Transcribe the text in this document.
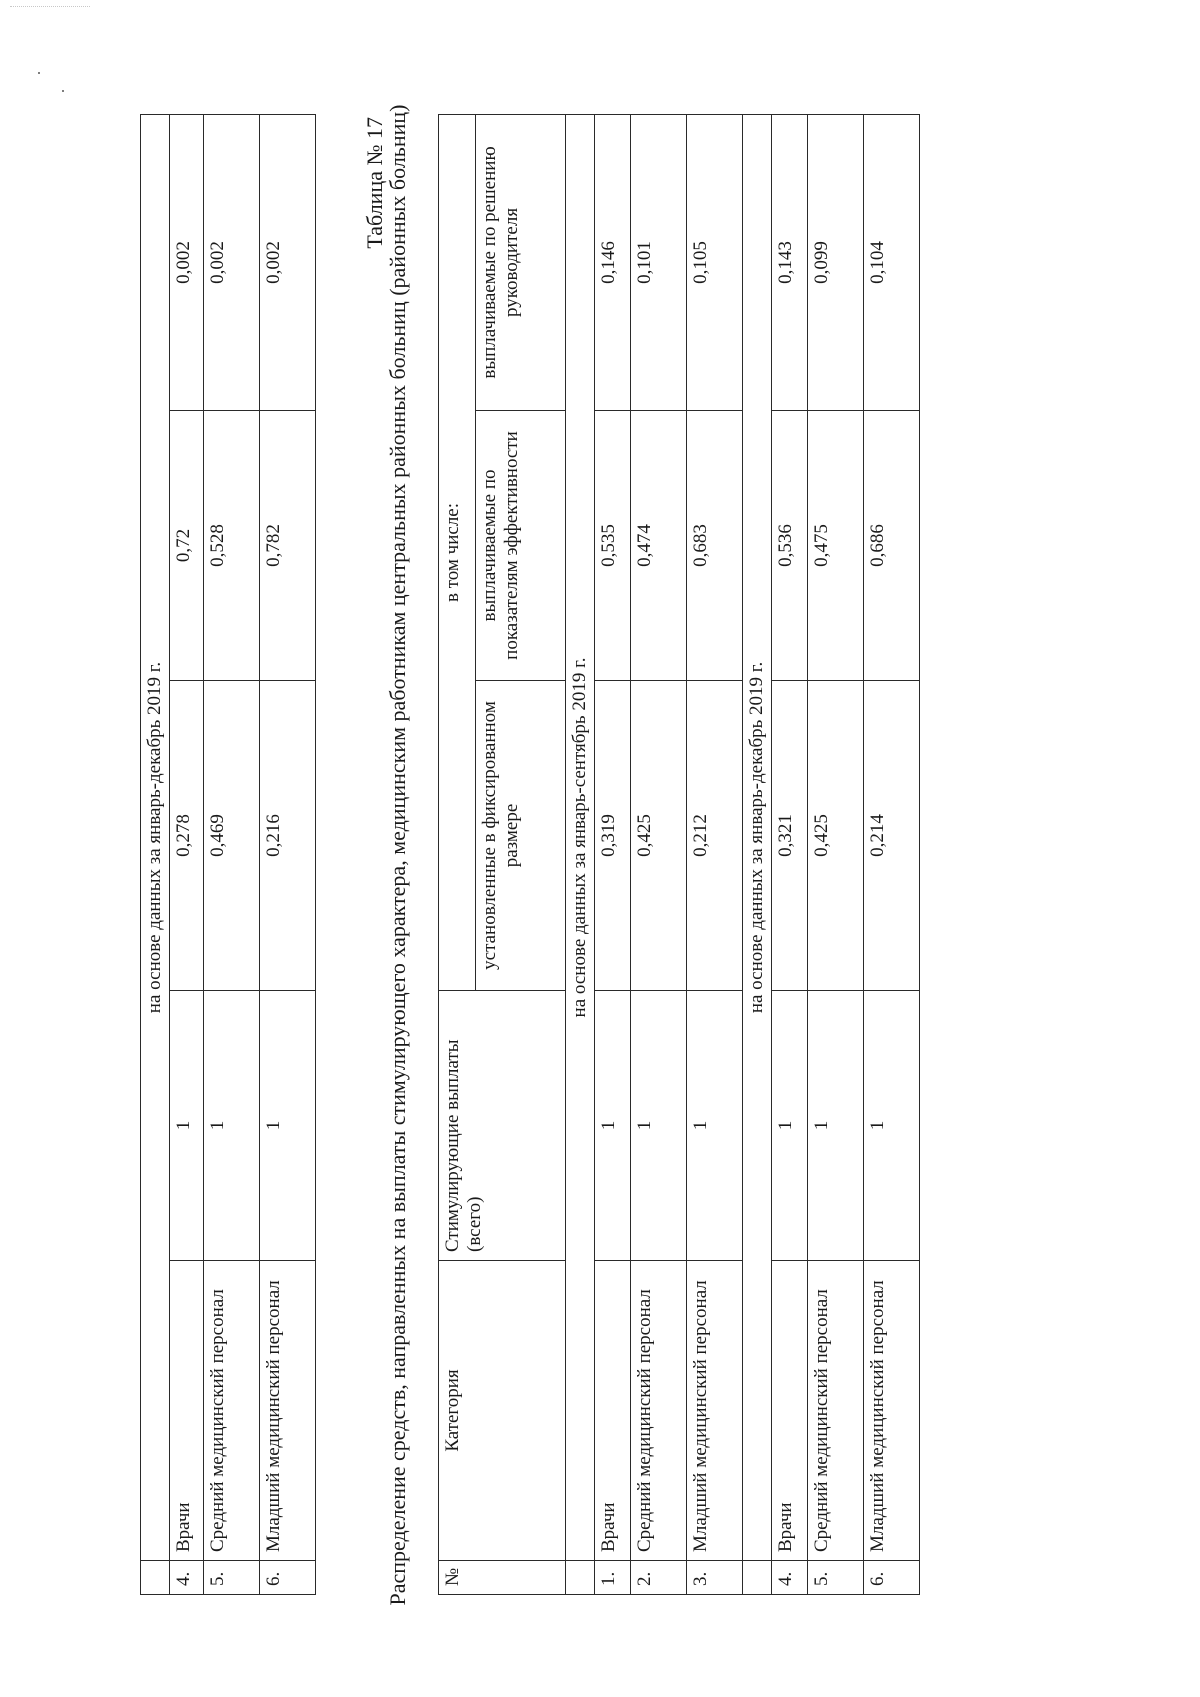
	на основе данных за январь-декабрь 2019 г.				
4.	Врачи	1	0,278	0,72	0,002
5.	Средний медицинский персонал	1	0,469	0,528	0,002
6.	Младший медицинский персонал	1	0,216	0,782	0,002
Таблица № 17
Распределение средств, направленных на выплаты стимулирующего характера, медицинским работникам центральных районных больниц (районных больниц) №	Категория	Стимулирующие выплаты (всего)	в том числе:		
			установленные в фиксированном размере	выплачиваемые по показателям эффективности	выплачиваемые по решению руководителя
	на основе данных за январь-сентябрь 2019 г.				
1.	Врачи	1	0,319	0,535	0,146
2.	Средний медицинский персонал	1	0,425	0,474	0,101
3.	Младший медицинский персонал	1	0,212	0,683	0,105
	на основе данных за январь-декабрь 2019 г.				
4.	Врачи	1	0,321	0,536	0,143
5.	Средний медицинский персонал	1	0,425	0,475	0,099
6.	Младший медицинский персонал	1	0,214	0,686	0,104
